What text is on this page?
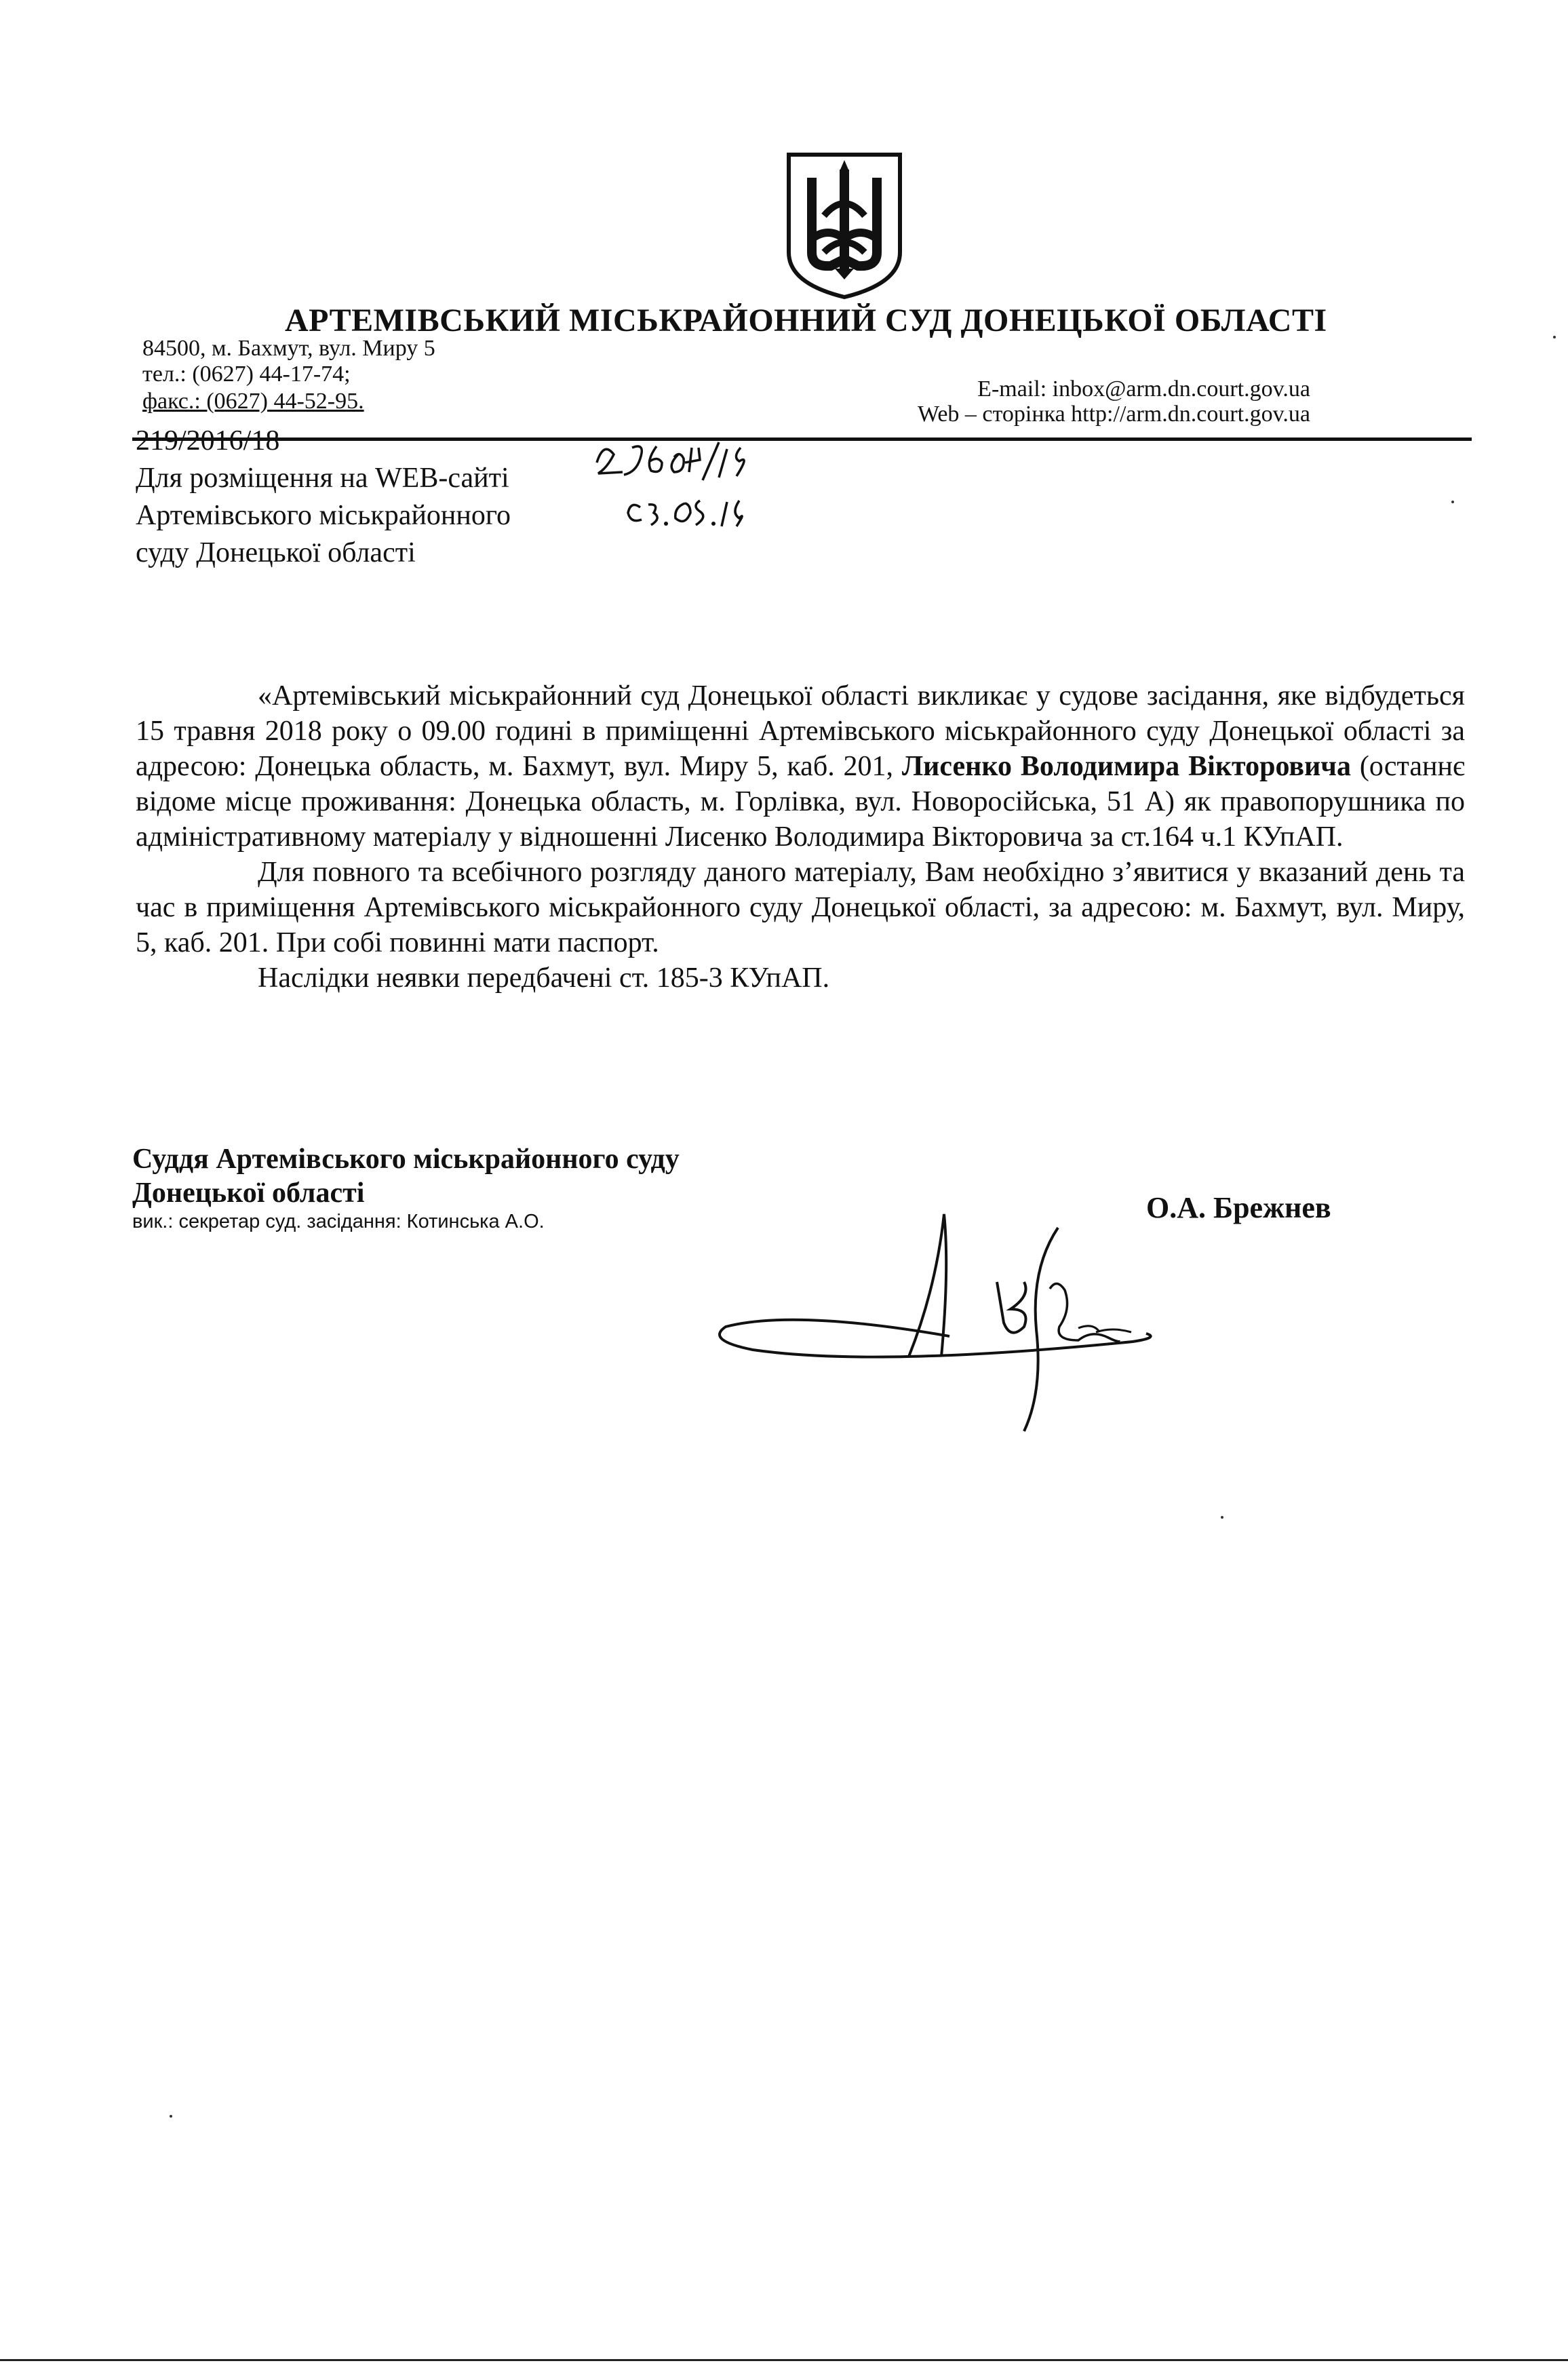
АРТЕМІВСЬКИЙ МІСЬКРАЙОННИЙ СУД ДОНЕЦЬКОЇ ОБЛАСТІ
84500, м. Бахмут, вул. Миру 5
тел.: (0627) 44-17-74;
факс.: (0627) 44-52-95.	E-mail: inbox@arm.dn.court.gov.ua
Web – сторінка http://arm.dn.court.gov.ua
219/2016/18
Для розміщення на WEB-сайті
Артемівського міськрайонного
суду Донецької області

«Артемівський міськрайонний суд Донецької області викликає у судове засідання, яке відбудеться 15 травня 2018 року о 09.00 годині в приміщенні Артемівського міськрайонного суду Донецької області за адресою: Донецька область, м. Бахмут, вул. Миру 5, каб. 201, Лисенко Володимира Вікторовича (останнє відоме місце проживання: Донецька область, м. Горлівка, вул. Новоросійська, 51 А) як правопорушника по адміністративному матеріалу у відношенні Лисенко Володимира Вікторовича за ст.164 ч.1 КУпАП.

Для повного та всебічного розгляду даного матеріалу, Вам необхідно з’явитися у вказаний день та час в приміщення Артемівського міськрайонного суду Донецької області, за адресою: м. Бахмут, вул. Миру, 5, каб. 201. При собі повинні мати паспорт.

Наслідки неявки передбачені ст. 185-3 КУпАП.

Суддя Артемівського міськрайонного суду
Донецької області
вик.: секретар суд. засідання: Котинська А.О.	О.А. Брежнев
